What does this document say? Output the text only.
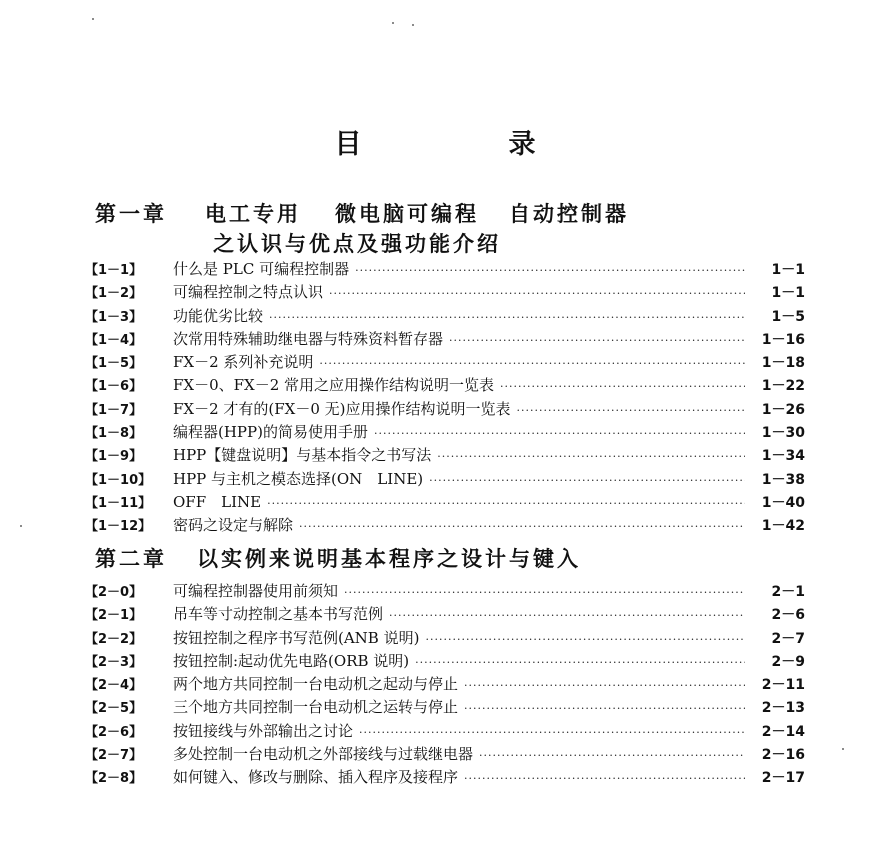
目　录
第一章 电工专用 微电脑可编程 自动控制器
之认识与优点及强功能介绍
【1－1】	什么是 PLC 可编程控制器 ·····	1－1
【1－2】	可编程控制之特点认识 ·····	1－1
【1－3】	功能优劣比较 ·····	1－5
【1－4】	次常用特殊辅助继电器与特殊资料暂存器 ·····	1－16
【1－5】	FX－2 系列补充说明 ·····	1－18
【1－6】	FX－0、FX－2 常用之应用操作结构说明一览表 ·····	1－22
【1－7】	FX－2 才有的(FX－0 无)应用操作结构说明一览表 ·····	1－26
【1－8】	编程器(HPP)的简易使用手册 ·····	1－30
【1－9】	HPP【键盘说明】与基本指令之书写法 ·····	1－34
【1－10】	HPP 与主机之模态选择(ON　LINE) ·····	1－38
【1－11】	OFF　LINE ·····	1－40
【1－12】	密码之设定与解除 ·····	1－42
第二章 以实例来说明基本程序之设计与键入
【2－0】	可编程控制器使用前须知 ·····	2－1
【2－1】	吊车等寸动控制之基本书写范例 ·····	2－6
【2－2】	按钮控制之程序书写范例(ANB 说明) ·····	2－7
【2－3】	按钮控制:起动优先电路(ORB 说明) ·····	2－9
【2－4】	两个地方共同控制一台电动机之起动与停止 ·····	2－11
【2－5】	三个地方共同控制一台电动机之运转与停止 ·····	2－13
【2－6】	按钮接线与外部输出之讨论 ·····	2－14
【2－7】	多处控制一台电动机之外部接线与过载继电器 ·····	2－16
【2－8】	如何键入、修改与删除、插入程序及接程序 ·····	2－17
